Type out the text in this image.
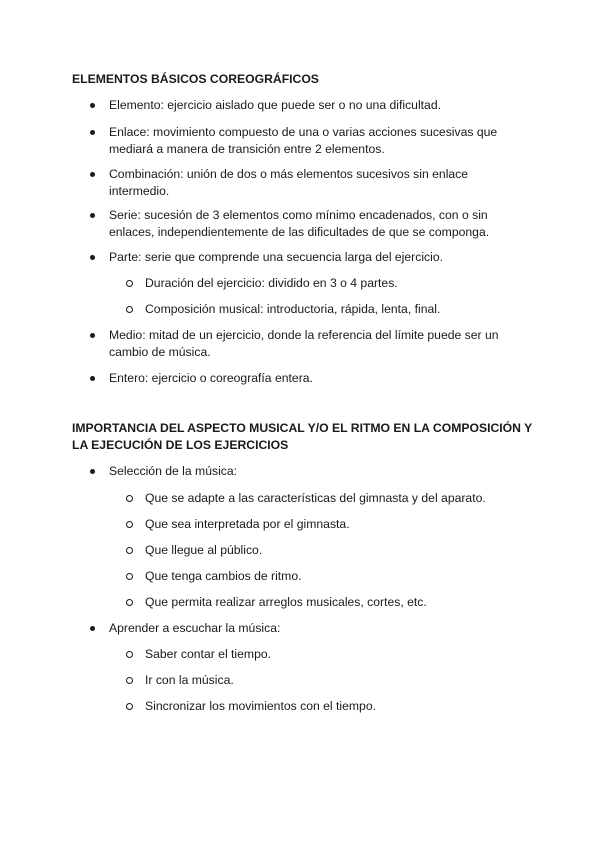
ELEMENTOS BÁSICOS COREOGRÁFICOS
Elemento: ejercicio aislado que puede ser o no una dificultad.
Enlace: movimiento compuesto de una o varias acciones sucesivas que mediará a manera de transición entre 2 elementos.
Combinación: unión de dos o más elementos sucesivos sin enlace intermedio.
Serie: sucesión de 3 elementos como mínimo encadenados, con o sin enlaces, independientemente de las dificultades de que se componga.
Parte: serie que comprende una secuencia larga del ejercicio.
Duración del ejercicio: dividido en 3 o 4 partes.
Composición musical: introductoria, rápida, lenta, final.
Medio: mitad de un ejercicio, donde la referencia del límite puede ser un cambio de música.
Entero: ejercicio o coreografía entera.
IMPORTANCIA DEL ASPECTO MUSICAL Y/O EL RITMO EN LA COMPOSICIÓN Y LA EJECUCIÓN DE LOS EJERCICIOS
Selección de la música:
Que se adapte a las características del gimnasta y del aparato.
Que sea interpretada por el gimnasta.
Que llegue al público.
Que tenga cambios de ritmo.
Que permita realizar arreglos musicales, cortes, etc.
Aprender a escuchar la música:
Saber contar el tiempo.
Ir con la música.
Sincronizar los movimientos con el tiempo.
